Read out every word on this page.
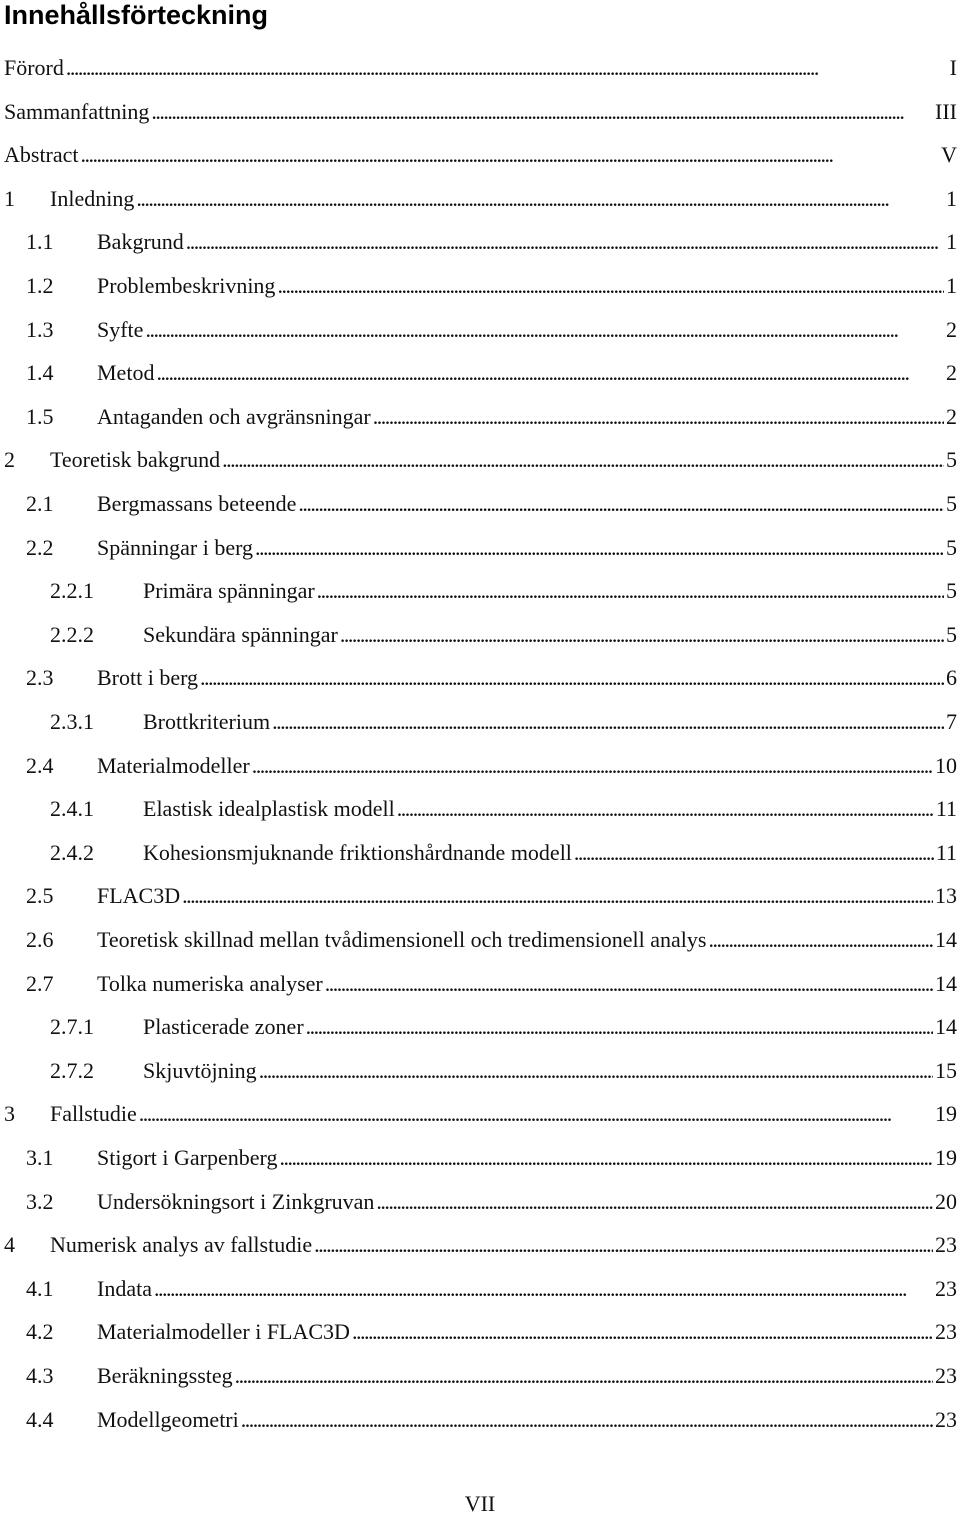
Innehållsförteckning
Förord . . .	I
Sammanfattning . . .	III
Abstract . . .	V
1 Inledning . . .	1
1.1 Bakgrund . . .	1
1.2 Problembeskrivning . . .	1
1.3 Syfte . . .	2
1.4 Metod . . .	2
1.5 Antaganden och avgränsningar . . .	2
2 Teoretisk bakgrund . . .	5
2.1 Bergmassans beteende . . .	5
2.2 Spänningar i berg . . .	5
2.2.1 Primära spänningar . . .	5
2.2.2 Sekundära spänningar . . .	5
2.3 Brott i berg . . .	6
2.3.1 Brottkriterium . . .	7
2.4 Materialmodeller . . .	10
2.4.1 Elastisk idealplastisk modell . . .	11
2.4.2 Kohesionsmjuknande friktionshårdnande modell . . .	11
2.5 FLAC3D . . .	13
2.6 Teoretisk skillnad mellan tvådimensionell och tredimensionell analys . . .	14
2.7 Tolka numeriska analyser . . .	14
2.7.1 Plasticerade zoner . . .	14
2.7.2 Skjuvtöjning . . .	15
3 Fallstudie . . .	19
3.1 Stigort i Garpenberg . . .	19
3.2 Undersökningsort i Zinkgruvan . . .	20
4 Numerisk analys av fallstudie . . .	23
4.1 Indata . . .	23
4.2 Materialmodeller i FLAC3D . . .	23
4.3 Beräkningssteg . . .	23
4.4 Modellgeometri . . .	23
VII
